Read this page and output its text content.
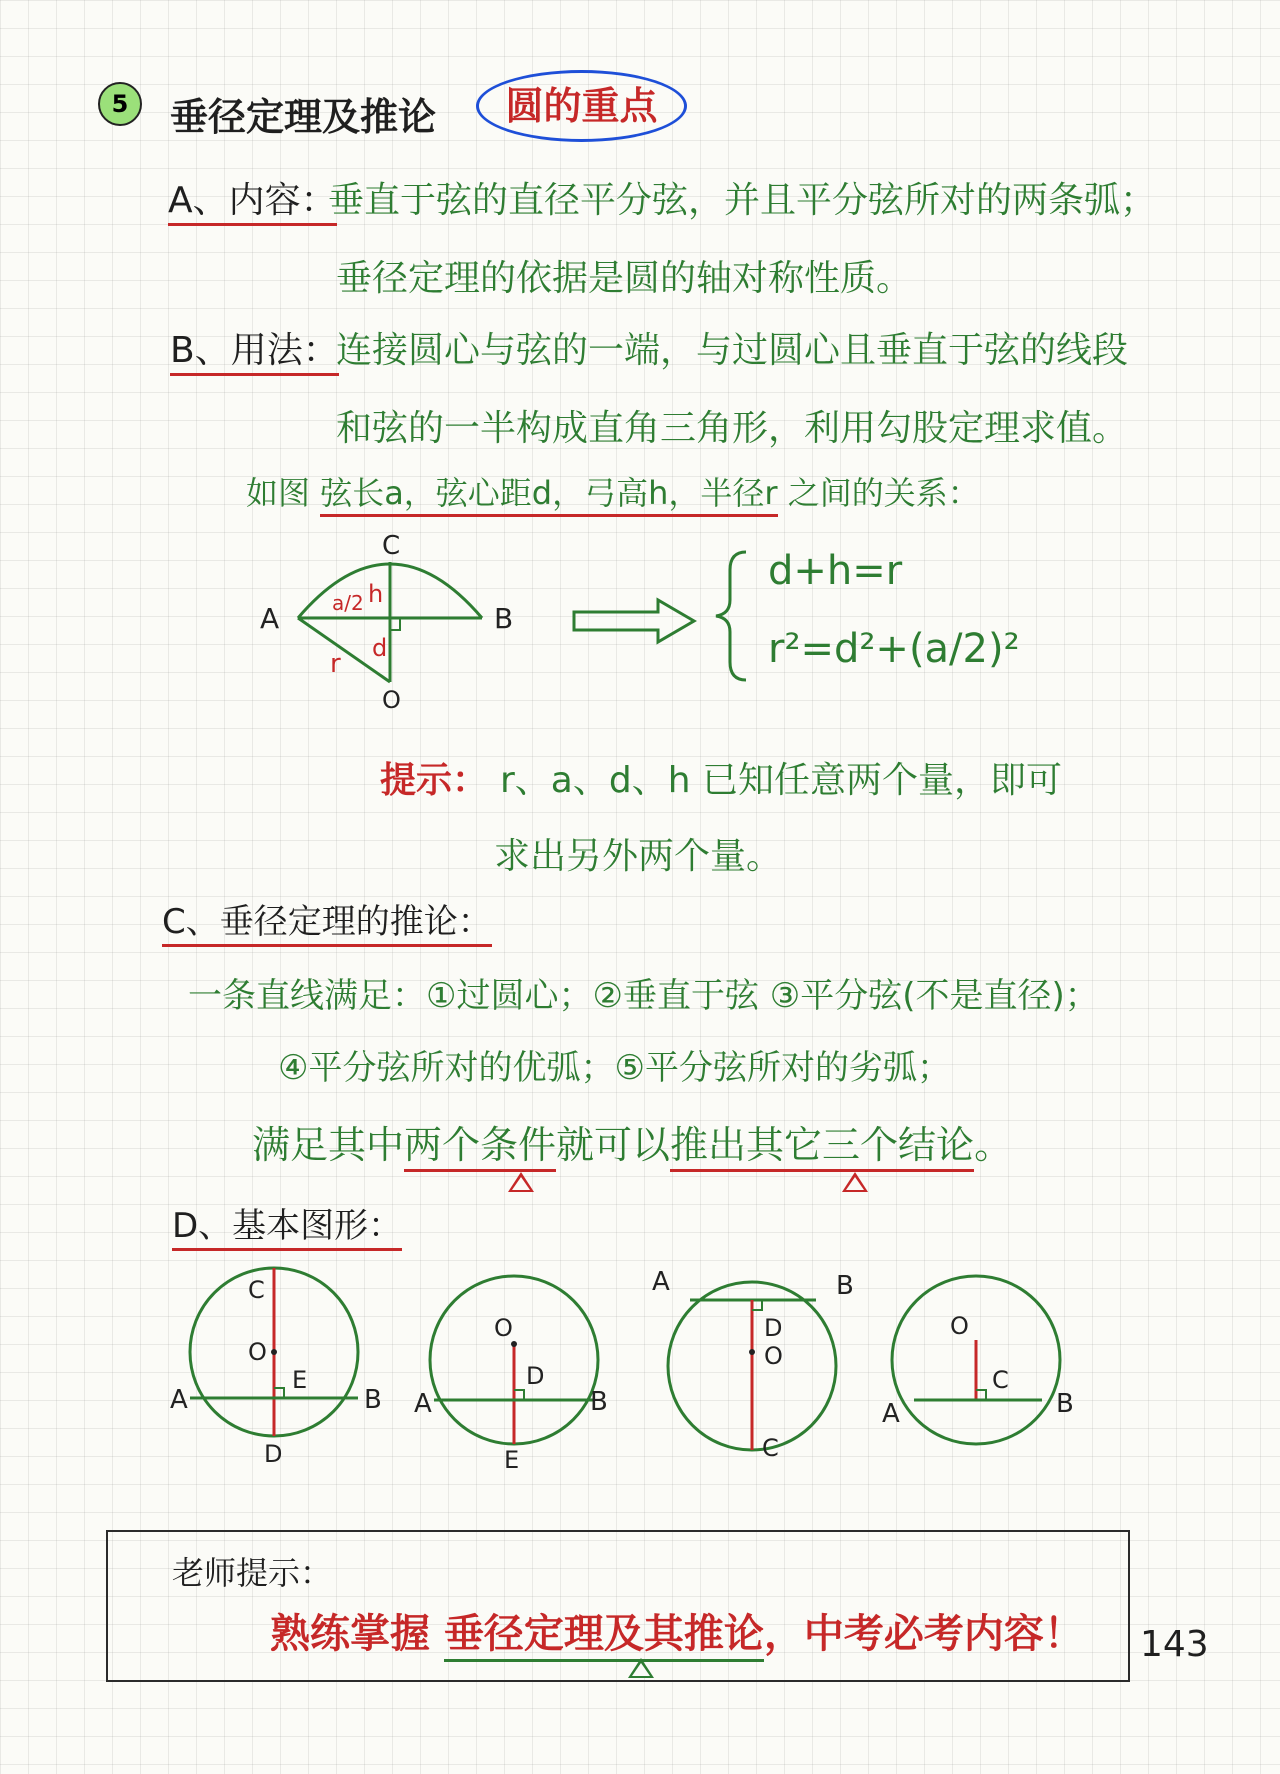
5	垂径定理及推论	圆的重点
A、内容：
垂直于弦的直径平分弦，并且平分弦所对的两条弧；
垂径定理的依据是圆的轴对称性质。
B、用法：
连接圆心与弦的一端，与过圆心且垂直于弦的线段
和弦的一半构成直角三角形，利用勾股定理求值。
如图 弦长a，弦心距d，弓高h，半径r 之间的关系：
C
A	B
O
a/2 h
d
r
d+h=r
r²=d²+(a/2)²
提示： r、a、d、h 已知任意两个量，即可
求出另外两个量。
C、垂径定理的推论：
一条直线满足：①过圆心；②垂直于弦 ③平分弦(不是直径)；
④平分弦所对的优弧；⑤平分弦所对的劣弧；
满足其中两个条件就可以推出其它三个结论。
D、基本图形：
C
O
E
A	B
D
O
D
A	B
E
A	B
D
O
C
O
C
A	B
老师提示：
熟练掌握 垂径定理及其推论，中考必考内容！ 143
